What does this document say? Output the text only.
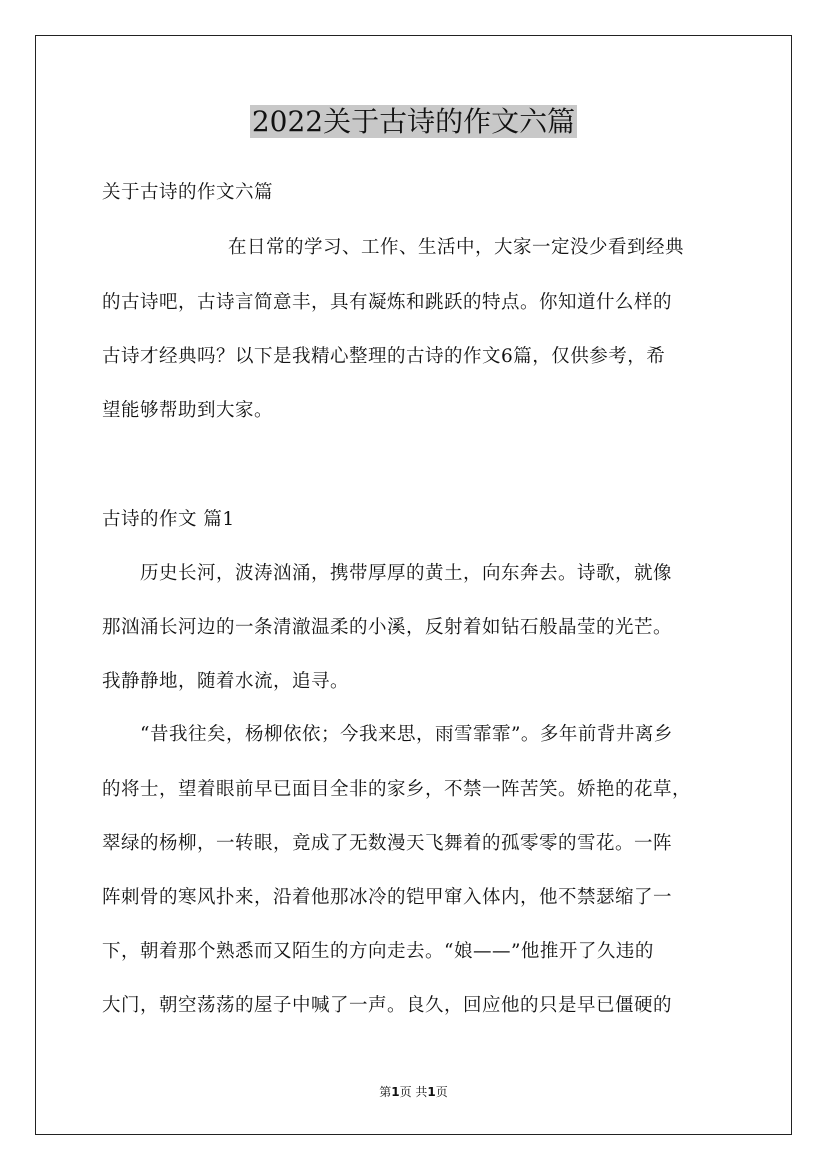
2022关于古诗的作文六篇
关于古诗的作文六篇
在日常的学习、工作、生活中，大家一定没少看到经典
的古诗吧，古诗言简意丰，具有凝炼和跳跃的特点。你知道什么样的
古诗才经典吗？以下是我精心整理的古诗的作文6篇，仅供参考，希
望能够帮助到大家。
古诗的作文 篇1
历史长河，波涛汹涌，携带厚厚的黄土，向东奔去。诗歌，就像
那汹涌长河边的一条清澈温柔的小溪，反射着如钻石般晶莹的光芒。
我静静地，随着水流，追寻。
“昔我往矣，杨柳依依；今我来思，雨雪霏霏”。多年前背井离乡
的将士，望着眼前早已面目全非的家乡，不禁一阵苦笑。娇艳的花草，
翠绿的杨柳，一转眼，竟成了无数漫天飞舞着的孤零零的雪花。一阵
阵刺骨的寒风扑来，沿着他那冰冷的铠甲窜入体内，他不禁瑟缩了一
下，朝着那个熟悉而又陌生的方向走去。“娘——”他推开了久违的
大门，朝空荡荡的屋子中喊了一声。良久，回应他的只是早已僵硬的
第1页 共1页
